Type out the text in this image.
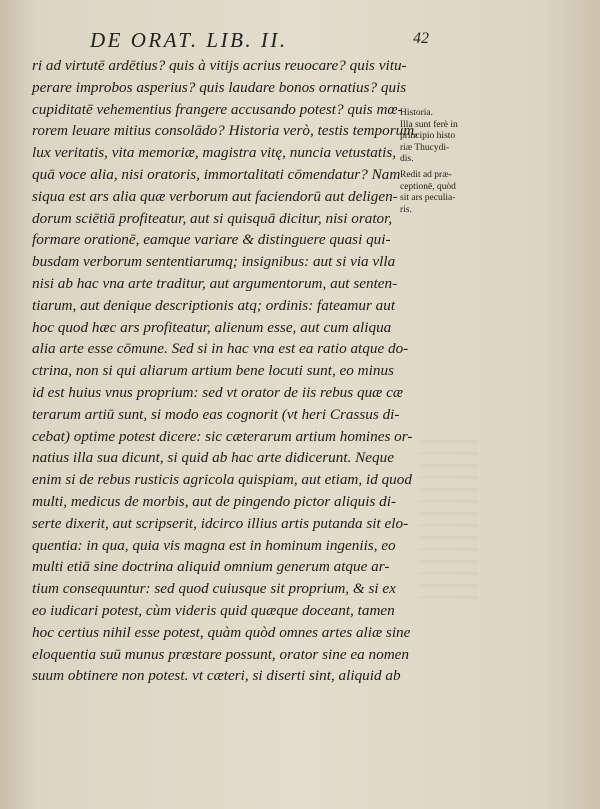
DE ORAT. LIB. II.	42
ri ad virtutē ardētius? quis à vitijs acrius reuocare? quis vitu-
perare improbos asperius? quis laudare bonos ornatius? quis
cupiditatē vehementius frangere accusando potest? quis mœ-
rorem leuare mitius consolādo? Historia verò, testis temporum,
lux veritatis, vita memoriæ, magistra vitę, nuncia vetustatis,
quā voce alia, nisi oratoris, immortalitati cōmendatur? Nam
siqua est ars alia quæ verborum aut faciendorū aut deligen-
dorum sciētiā profiteatur, aut si quisquā dicitur, nisi orator,
formare orationē, eamque variare & distinguere quasi qui-
busdam verborum sententiarumq; insignibus: aut si via vlla
nisi ab hac vna arte traditur, aut argumentorum, aut senten-
tiarum, aut denique descriptionis atq; ordinis: fateamur aut
hoc quod hæc ars profiteatur, alienum esse, aut cum aliqua
alia arte esse cōmune. Sed si in hac vna est ea ratio atque do-
ctrina, non si qui aliarum artium bene locuti sunt, eo minus
id est huius vnus proprium: sed vt orator de iis rebus quæ cæ
terarum artiū sunt, si modo eas cognorit (vt heri Crassus di-
cebat) optime potest dicere: sic cæterarum artium homines or-
natius illa sua dicunt, si quid ab hac arte didicerunt. Neque
enim si de rebus rusticis agricola quispiam, aut etiam, id quod
multi, medicus de morbis, aut de pingendo pictor aliquis di-
serte dixerit, aut scripserit, idcirco illius artis putanda sit elo-
quentia: in qua, quia vis magna est in hominum ingeniis, eo
multi etiā sine doctrina aliquid omnium generum atque ar-
tium consequuntur: sed quod cuiusque sit proprium, & si ex
eo iudicari potest, cùm videris quid quæque doceant, tamen
hoc certius nihil esse potest, quàm quòd omnes artes aliæ sine
eloquentia suū munus præstare possunt, orator sine ea nomen
suum obtinere non potest. vt cæteri, si diserti sint, aliquid ab
Historia.
Illa sunt ferè in
principio histo
riæ Thucydi-
dis.
Redit ad præ-
ceptionē, quòd
sit ars peculia-
ris.
